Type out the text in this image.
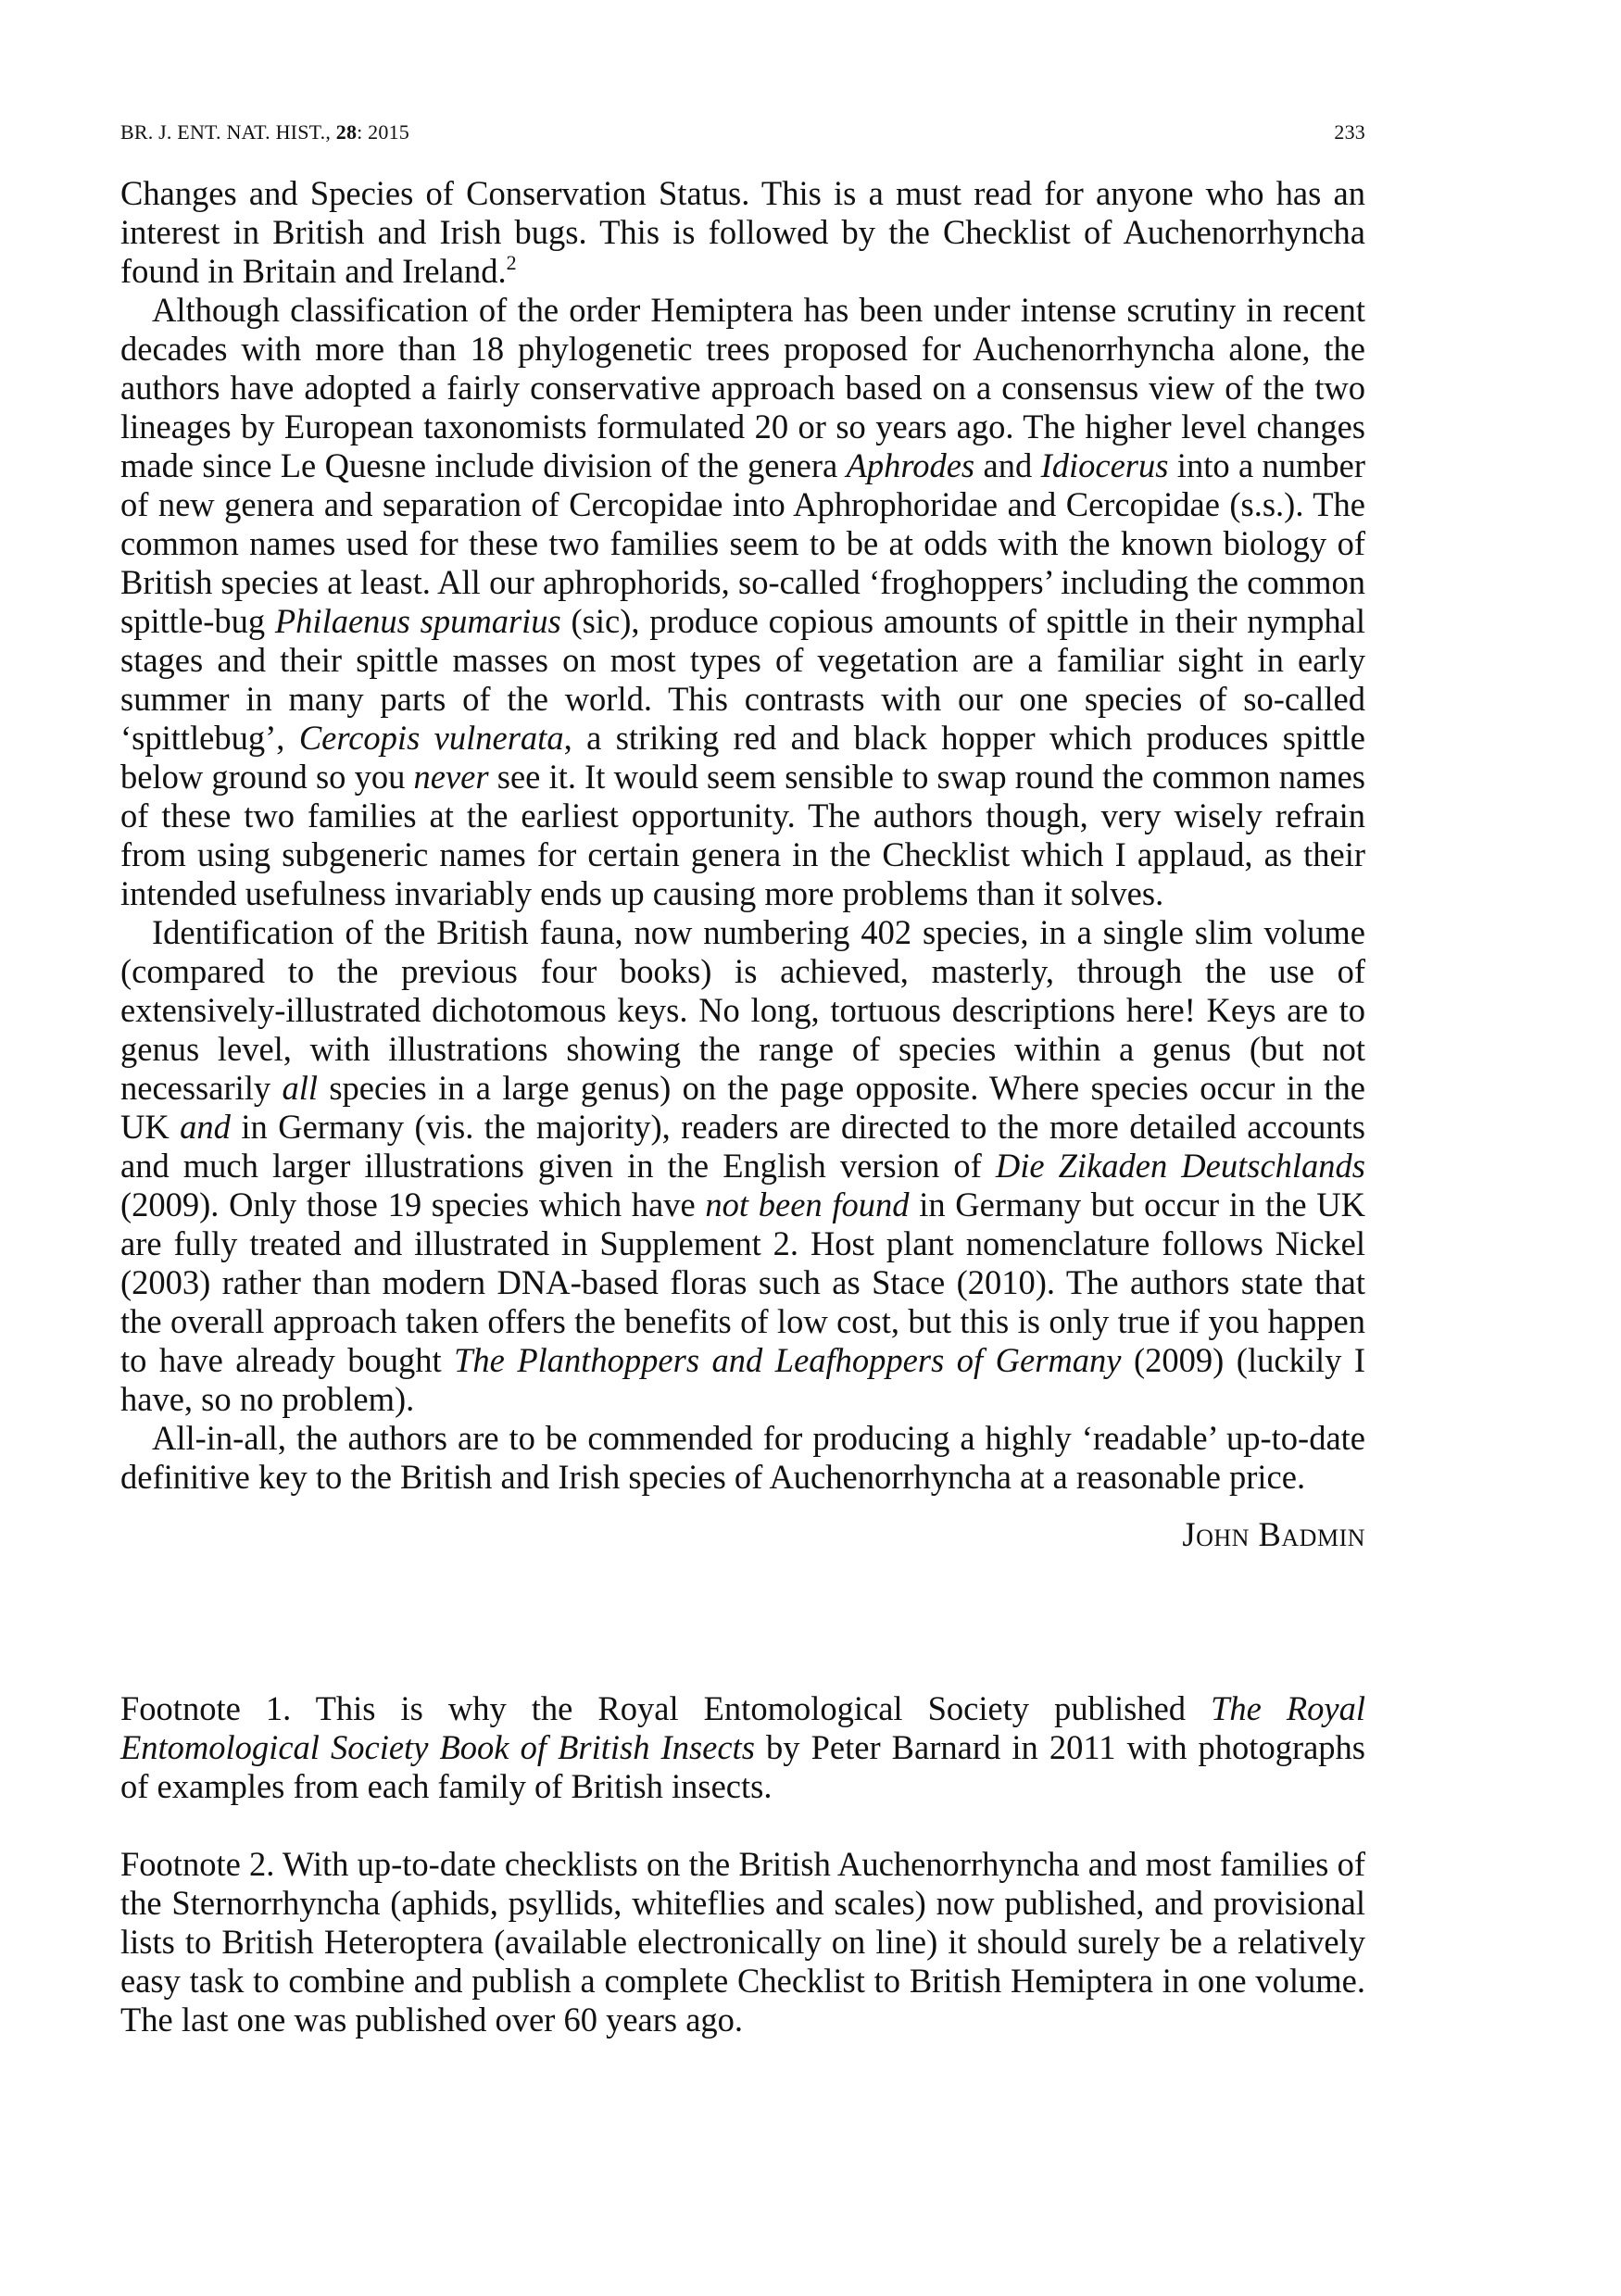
BR. J. ENT. NAT. HIST., 28: 2015	233

Changes and Species of Conservation Status. This is a must read for anyone who has an interest in British and Irish bugs. This is followed by the Checklist of Auchenorrhyncha found in Britain and Ireland.$^2$

Although classification of the order Hemiptera has been under intense scrutiny in recent decades with more than 18 phylogenetic trees proposed for Auchenorrhyncha alone, the authors have adopted a fairly conservative approach based on a consensus view of the two lineages by European taxonomists formulated 20 or so years ago. The higher level changes made since Le Quesne include division of the genera Aphrodes and Idiocerus into a number of new genera and separation of Cercopidae into Aphrophoridae and Cercopidae (s.s.). The common names used for these two families seem to be at odds with the known biology of British species at least. All our aphrophorids, so-called ‘froghoppers’ including the common spittle-bug Philaenus spumarius (sic), produce copious amounts of spittle in their nymphal stages and their spittle masses on most types of vegetation are a familiar sight in early summer in many parts of the world. This contrasts with our one species of so-called ‘spittlebug’, Cercopis vulnerata, a striking red and black hopper which produces spittle below ground so you never see it. It would seem sensible to swap round the common names of these two families at the earliest opportunity. The authors though, very wisely refrain from using subgeneric names for certain genera in the Checklist which I applaud, as their intended usefulness invariably ends up causing more problems than it solves.

Identification of the British fauna, now numbering 402 species, in a single slim volume (compared to the previous four books) is achieved, masterly, through the use of extensively-illustrated dichotomous keys. No long, tortuous descriptions here! Keys are to genus level, with illustrations showing the range of species within a genus (but not necessarily all species in a large genus) on the page opposite. Where species occur in the UK and in Germany (vis. the majority), readers are directed to the more detailed accounts and much larger illustrations given in the English version of Die Zikaden Deutschlands (2009). Only those 19 species which have not been found in Germany but occur in the UK are fully treated and illustrated in Supplement 2. Host plant nomenclature follows Nickel (2003) rather than modern DNA-based floras such as Stace (2010). The authors state that the overall approach taken offers the benefits of low cost, but this is only true if you happen to have already bought The Planthoppers and Leafhoppers of Germany (2009) (luckily I have, so no problem).

All-in-all, the authors are to be commended for producing a highly ‘readable’ up-to-date definitive key to the British and Irish species of Auchenorrhyncha at a reasonable price.

John Badmin

Footnote 1. This is why the Royal Entomological Society published The Royal Entomological Society Book of British Insects by Peter Barnard in 2011 with photographs of examples from each family of British insects.

Footnote 2. With up-to-date checklists on the British Auchenorrhyncha and most families of the Sternorrhyncha (aphids, psyllids, whiteflies and scales) now published, and provisional lists to British Heteroptera (available electronically on line) it should surely be a relatively easy task to combine and publish a complete Checklist to British Hemiptera in one volume. The last one was published over 60 years ago.
